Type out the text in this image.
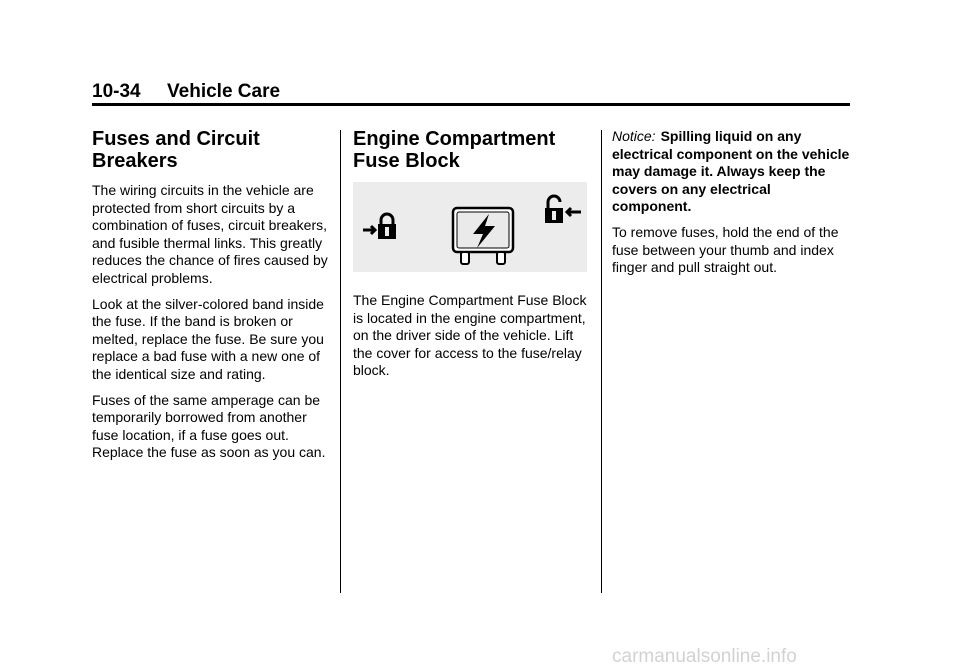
10-34 Vehicle Care
Fuses and Circuit Breakers

The wiring circuits in the vehicle are protected from short circuits by a combination of fuses, circuit breakers, and fusible thermal links. This greatly reduces the chance of fires caused by electrical problems.

Look at the silver-colored band inside the fuse. If the band is broken or melted, replace the fuse. Be sure you replace a bad fuse with a new one of the identical size and rating.

Fuses of the same amperage can be temporarily borrowed from another fuse location, if a fuse goes out. Replace the fuse as soon as you can.

Engine Compartment Fuse Block

The Engine Compartment Fuse Block is located in the engine compartment, on the driver side of the vehicle. Lift the cover for access to the fuse/relay block.

Notice: Spilling liquid on any electrical component on the vehicle may damage it. Always keep the covers on any electrical component.

To remove fuses, hold the end of the fuse between your thumb and index finger and pull straight out.

carmanualsonline.info
